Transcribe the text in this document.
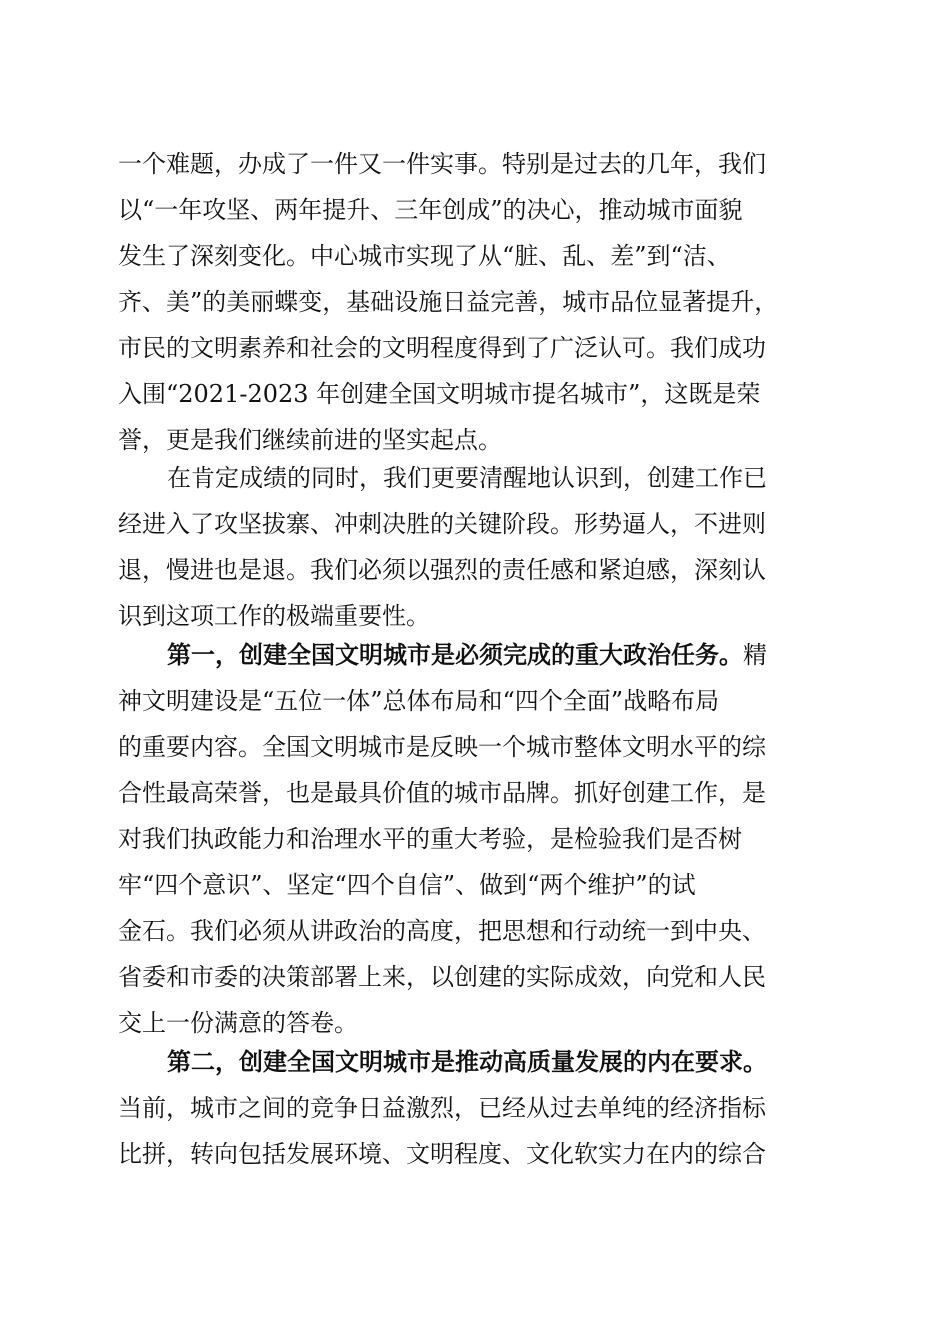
一个难题，办成了一件又一件实事。特别是过去的几年，我们
以“一年攻坚、两年提升、三年创成”的决心，推动城市面貌
发生了深刻变化。中心城市实现了从“脏、乱、差”到“洁、
齐、美”的美丽蝶变，基础设施日益完善，城市品位显著提升，
市民的文明素养和社会的文明程度得到了广泛认可。我们成功
入围“2021-2023 年创建全国文明城市提名城市”，这既是荣
誉，更是我们继续前进的坚实起点。
在肯定成绩的同时，我们更要清醒地认识到，创建工作已
经进入了攻坚拔寨、冲刺决胜的关键阶段。形势逼人，不进则
退，慢进也是退。我们必须以强烈的责任感和紧迫感，深刻认
识到这项工作的极端重要性。
第一，创建全国文明城市是必须完成的重大政治任务。精
神文明建设是“五位一体”总体布局和“四个全面”战略布局
的重要内容。全国文明城市是反映一个城市整体文明水平的综
合性最高荣誉，也是最具价值的城市品牌。抓好创建工作，是
对我们执政能力和治理水平的重大考验，是检验我们是否树
牢“四个意识”、坚定“四个自信”、做到“两个维护”的试
金石。我们必须从讲政治的高度，把思想和行动统一到中央、
省委和市委的决策部署上来，以创建的实际成效，向党和人民
交上一份满意的答卷。
第二，创建全国文明城市是推动高质量发展的内在要求。
当前，城市之间的竞争日益激烈，已经从过去单纯的经济指标
比拼，转向包括发展环境、文明程度、文化软实力在内的综合
